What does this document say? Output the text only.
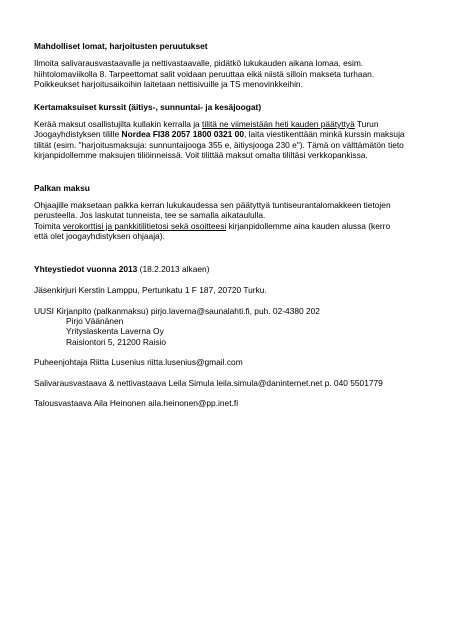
Mahdolliset lomat, harjoitusten peruutukset

Ilmoita salivarausvastaavalle ja nettivastaavalle, pidätkö lukukauden aikana lomaa, esim.

hiihtolomaviikolla 8. Tarpeettomat salit voidaan peruuttaa eikä niistä silloin makseta turhaan.

Poikkeukset harjoitusaikoihin laitetaan nettisivuille ja TS menovinkkeihin.

Kertamaksuiset kurssit (äitiys-, sunnuntai- ja kesäjoogat)

Kerää maksut osallistujilta kullakin kerralla ja tilitä ne viimeistään heti kauden päätyttyä Turun

Joogayhdistyksen tilille Nordea FI38 2057 1800 0321 00, laita viestikenttään minkä kurssin maksuja

tilität (esim. "harjoitusmaksuja: sunnuntaijooga 355 e, äitiysjooga 230 e"). Tämä on välttämätön tieto

kirjanpidollemme maksujen tiliöinneissä. Voit tilittää maksut omalta tililtäsi verkkopankissa.

Palkan maksu

Ohjaajille maksetaan palkka kerran lukukaudessa sen päätyttyä tuntiseurantalomakkeen tietojen

perusteella. Jos laskutat tunneista, tee se samalla aikataululla.

Toimita verokorttisi ja pankkitilitietosi sekä osoitteesi kirjanpidollemme aina kauden alussa (kerro

että olet joogayhdistyksen ohjaaja).

Yhteystiedot vuonna 2013 (18.2.2013 alkaen)

Jäsenkirjuri Kerstin Lamppu, Pertunkatu 1 F 187, 20720 Turku.

UUSI Kirjanpito (palkanmaksu) pirjo.laverna@saunalahti.fi, puh. 02-4380 202

Pirjo Väänänen

Yrityslaskenta Laverna Oy

Raisiontori 5, 21200 Raisio

Puheenjohtaja Riitta Lusenius riitta.lusenius@gmail.com

Salivarausvastaava & nettivastaava Leila Simula leila.simula@daninternet.net p. 040 5501779

Talousvastaava Aila Heinonen aila.heinonen@pp.inet.fi
